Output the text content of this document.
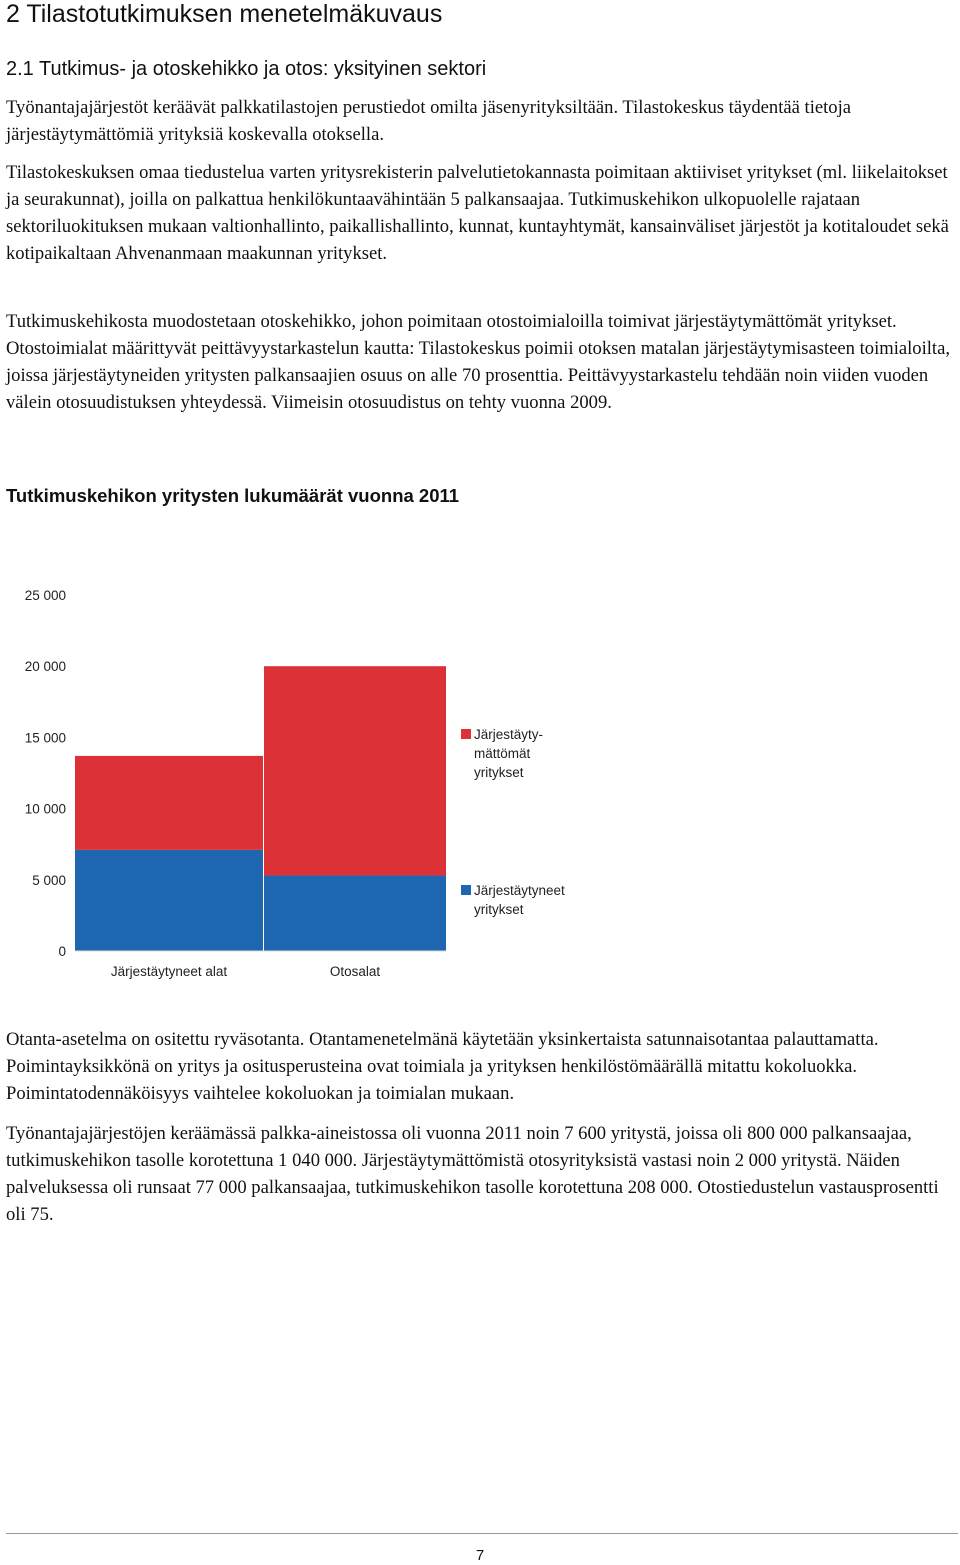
2 Tilastotutkimuksen menetelmäkuvaus
2.1 Tutkimus- ja otoskehikko ja otos: yksityinen sektori

Työnantajajärjestöt keräävät palkkatilastojen perustiedot omilta jäsenyrityksiltään. Tilastokeskus täydentää tietoja järjestäytymättömiä yrityksiä koskevalla otoksella.

Tilastokeskuksen omaa tiedustelua varten yritysrekisterin palvelutietokannasta poimitaan aktiiviset yritykset (ml. liikelaitokset ja seurakunnat), joilla on palkattua henkilökuntaavähintään 5 palkansaajaa. Tutkimuskehikon ulkopuolelle rajataan sektoriluokituksen mukaan valtionhallinto, paikallishallinto, kunnat, kuntayhtymät, kansainväliset järjestöt ja kotitaloudet sekä kotipaikaltaan Ahvenanmaan maakunnan yritykset.

Tutkimuskehikosta muodostetaan otoskehikko, johon poimitaan otostoimialoilla toimivat järjestäytymättömät yritykset. Otostoimialat määrittyvät peittävyystarkastelun kautta: Tilastokeskus poimii otoksen matalan järjestäytymisasteen toimialoilta, joissa järjestäytyneiden yritysten palkansaajien osuus on alle 70 prosenttia. Peittävyystarkastelu tehdään noin viiden vuoden välein otosuudistuksen yhteydessä. Viimeisin otosuudistus on tehty vuonna 2009.

Tutkimuskehikon yritysten lukumäärät vuonna 2011
0
5 000
10 000
15 000
20 000
25 000
Järjestäytyneet alat	Otosalat
Järjestäyty-
mättömät
yritykset
Järjestäytyneet
yritykset

Otanta-asetelma on ositettu ryväsotanta. Otantamenetelmänä käytetään yksinkertaista satunnaisotantaa palauttamatta. Poimintayksikkönä on yritys ja ositusperusteina ovat toimiala ja yrityksen henkilöstömäärällä mitattu kokoluokka. Poimintatodennäköisyys vaihtelee kokoluokan ja toimialan mukaan.

Työnantajajärjestöjen keräämässä palkka-aineistossa oli vuonna 2011 noin 7 600 yritystä, joissa oli 800 000 palkansaajaa, tutkimuskehikon tasolle korotettuna 1 040 000. Järjestäytymättömistä otosyrityksistä vastasi noin 2 000 yritystä. Näiden palveluksessa oli runsaat 77 000 palkansaajaa, tutkimuskehikon tasolle korotettuna 208 000. Otostiedustelun vastausprosentti oli 75.

7
